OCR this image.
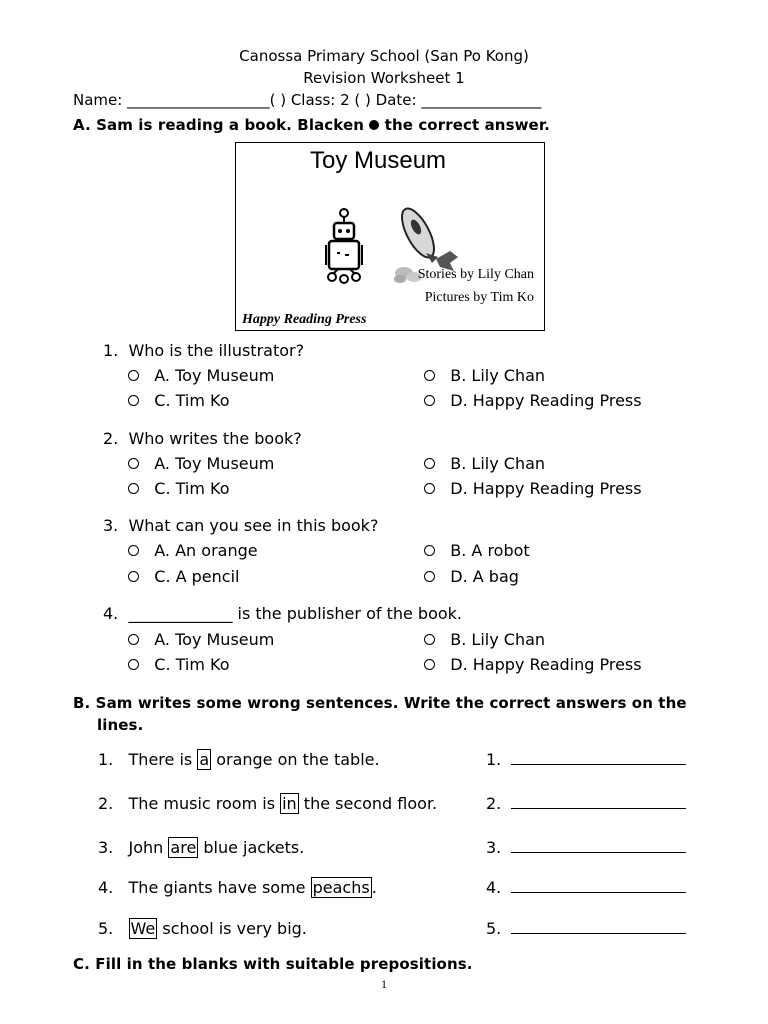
Canossa Primary School (San Po Kong)
Revision Worksheet 1
Name: ___________________( ) Class: 2 ( ) Date: ________________
A. Sam is reading a book. Blacken the correct answer.
Toy Museum
Stories by Lily Chan
Pictures by Tim Ko
Happy Reading Press
1. Who is the illustrator?
A. Toy Museum	B. Lily Chan
C. Tim Ko	D. Happy Reading Press
2. Who writes the book?
A. Toy Museum	B. Lily Chan
C. Tim Ko	D. Happy Reading Press
3. What can you see in this book?
A. An orange	B. A robot
C. A pencil	D. A bag
4. _____________ is the publisher of the book.
A. Toy Museum	B. Lily Chan
C. Tim Ko	D. Happy Reading Press
B. Sam writes some wrong sentences. Write the correct answers on the
lines.
1. There is a orange on the table.	1.
2. The music room is in the second floor.	2.
3. John are blue jackets.	3.
4. The giants have some peachs .	4.
5. We school is very big.	5.
C. Fill in the blanks with suitable prepositions.
1
